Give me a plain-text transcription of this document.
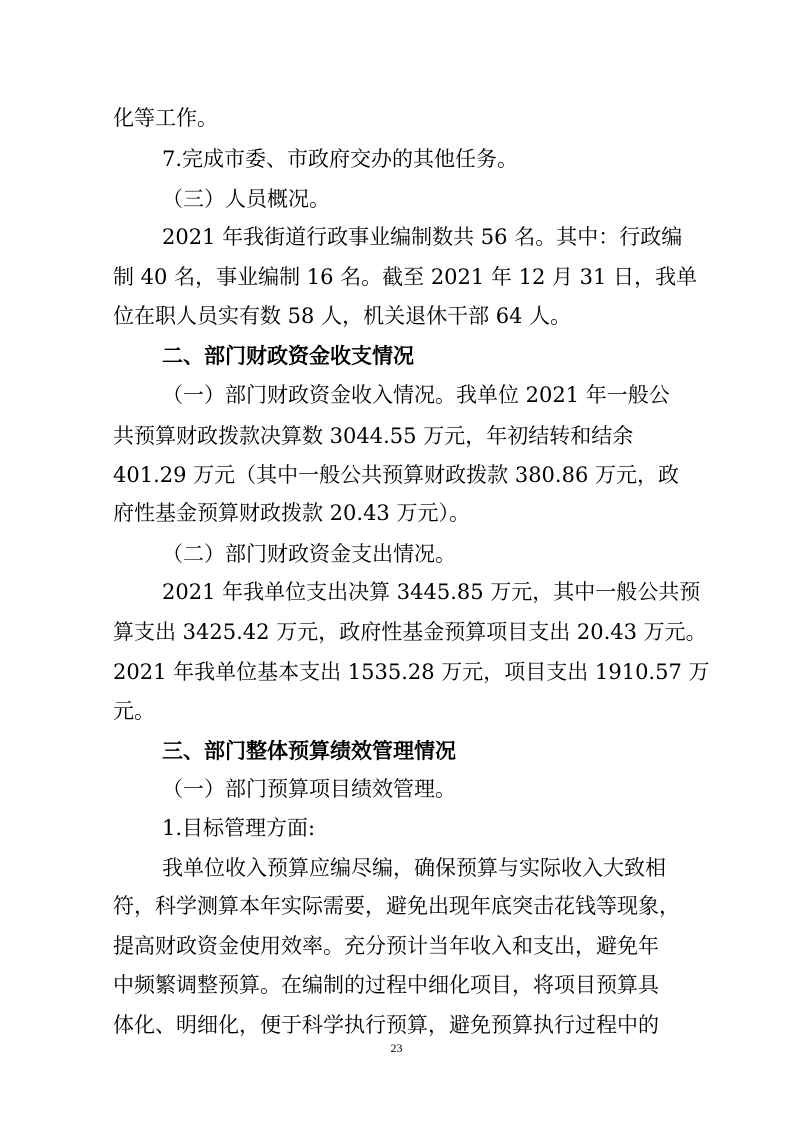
化等工作。
7.完成市委、市政府交办的其他任务。
（三）人员概况。
2021 年我街道行政事业编制数共 56 名。其中：行政编
制 40 名，事业编制 16 名。截至 2021 年 12 月 31 日，我单
位在职人员实有数 58 人，机关退休干部 64 人。
二、部门财政资金收支情况
（一）部门财政资金收入情况。我单位 2021 年一般公
共预算财政拨款决算数 3044.55 万元，年初结转和结余
401.29 万元（其中一般公共预算财政拨款 380.86 万元，政
府性基金预算财政拨款 20.43 万元）。
（二）部门财政资金支出情况。
2021 年我单位支出决算 3445.85 万元，其中一般公共预
算支出 3425.42 万元，政府性基金预算项目支出 20.43 万元。
2021 年我单位基本支出 1535.28 万元，项目支出 1910.57 万
元。
三、部门整体预算绩效管理情况
（一）部门预算项目绩效管理。
1.目标管理方面:
我单位收入预算应编尽编，确保预算与实际收入大致相
符，科学测算本年实际需要，避免出现年底突击花钱等现象，
提高财政资金使用效率。充分预计当年收入和支出，避免年
中频繁调整预算。在编制的过程中细化项目，将项目预算具
体化、明细化，便于科学执行预算，避免预算执行过程中的
23
